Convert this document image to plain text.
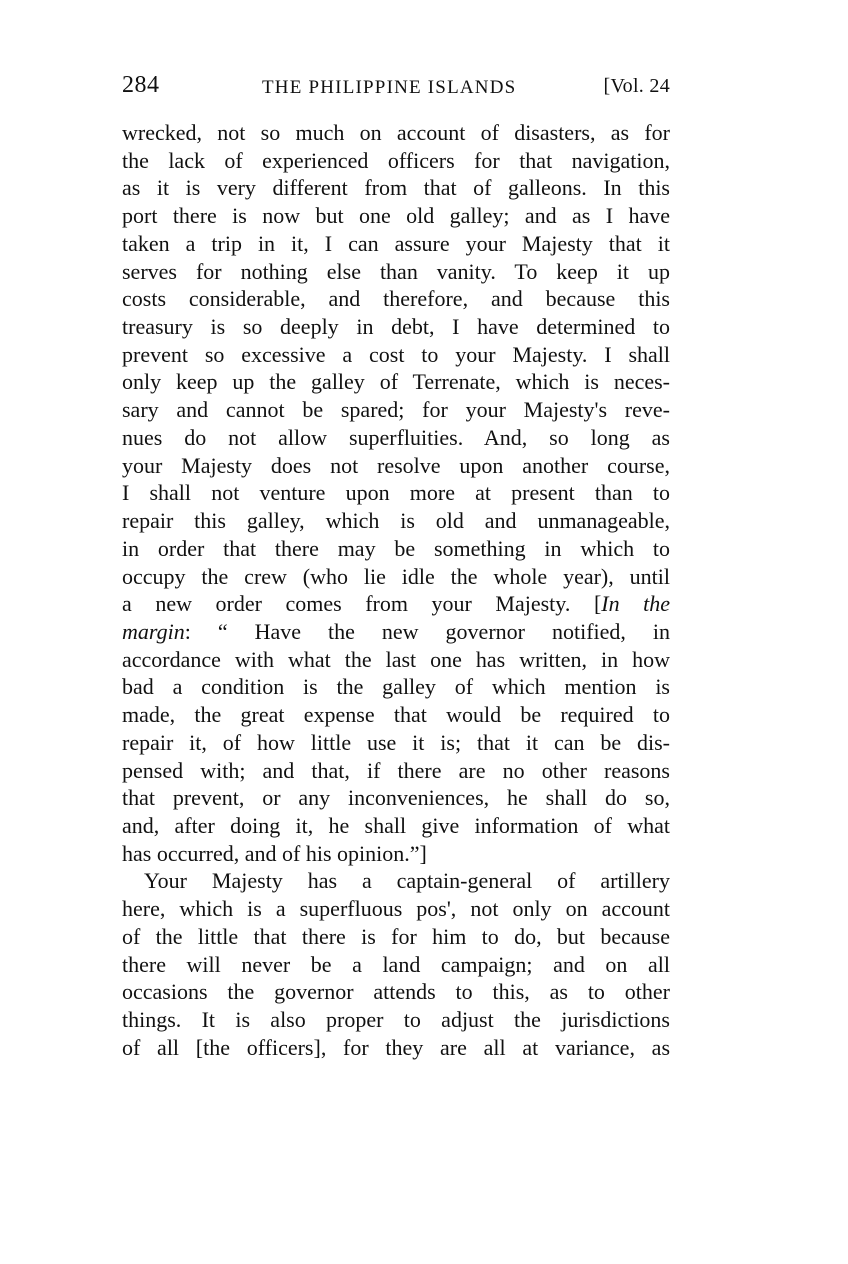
284	THE PHILIPPINE ISLANDS	[Vol. 24
wrecked, not so much on account of disasters, as for
the lack of experienced officers for that navigation,
as it is very different from that of galleons. In this
port there is now but one old galley; and as I have
taken a trip in it, I can assure your Majesty that it
serves for nothing else than vanity. To keep it up
costs considerable, and therefore, and because this
treasury is so deeply in debt, I have determined to
prevent so excessive a cost to your Majesty. I shall
only keep up the galley of Terrenate, which is neces-
sary and cannot be spared; for your Majesty's reve-
nues do not allow superfluities. And, so long as
your Majesty does not resolve upon another course,
I shall not venture upon more at present than to
repair this galley, which is old and unmanageable,
in order that there may be something in which to
occupy the crew (who lie idle the whole year), until
a new order comes from your Majesty. [In the
margin: “ Have the new governor notified, in
accordance with what the last one has written, in how
bad a condition is the galley of which mention is
made, the great expense that would be required to
repair it, of how little use it is; that it can be dis-
pensed with; and that, if there are no other reasons
that prevent, or any inconveniences, he shall do so,
and, after doing it, he shall give information of what
has occurred, and of his opinion.”]
Your Majesty has a captain-general of artillery
here, which is a superfluous pos', not only on account
of the little that there is for him to do, but because
there will never be a land campaign; and on all
occasions the governor attends to this, as to other
things. It is also proper to adjust the jurisdictions
of all [the officers], for they are all at variance, as
